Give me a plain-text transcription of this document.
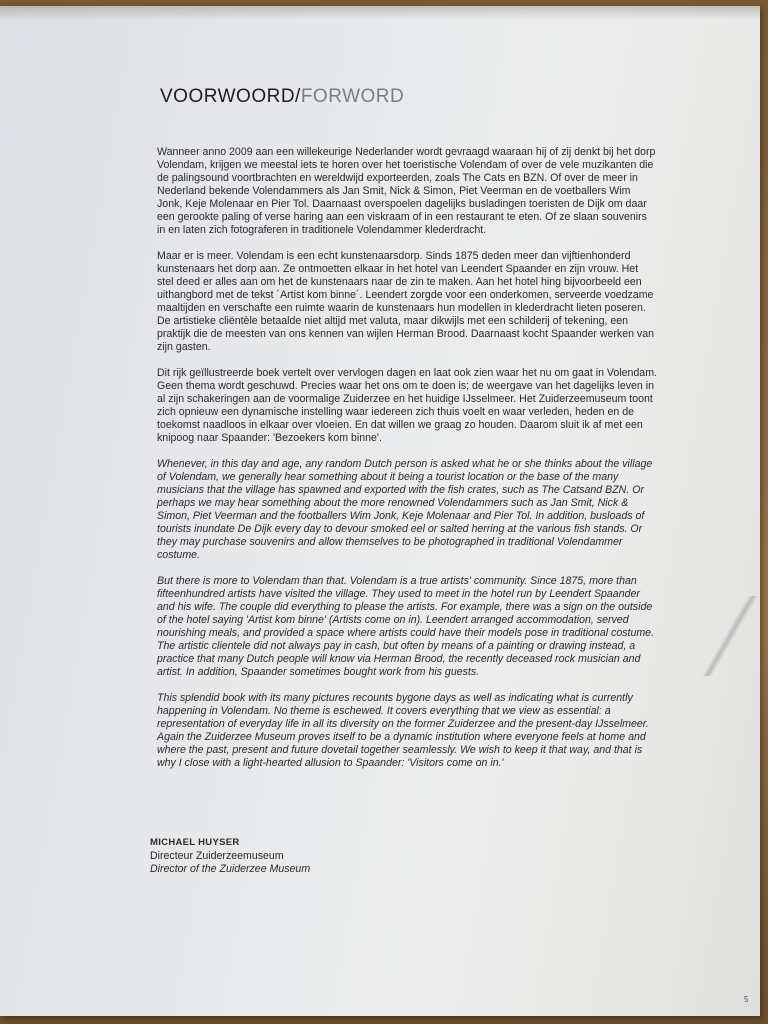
VOORWOORD/FORWORD

Wanneer anno 2009 aan een willekeurige Nederlander wordt gevraagd waaraan hij of zij denkt bij het dorp Volendam, krijgen we meestal iets te horen over het toeristische Volendam of over de vele muzikanten die de palingsound voortbrachten en wereldwijd exporteerden, zoals The Cats en BZN. Of over de meer in Nederland bekende Volendammers als Jan Smit, Nick & Simon, Piet Veerman en de voetballers Wim Jonk, Keje Molenaar en Pier Tol. Daarnaast overspoelen dagelijks busladingen toeristen de Dijk om daar een gerookte paling of verse haring aan een viskraam of in een restaurant te eten. Of ze slaan souvenirs in en laten zich fotograferen in traditionele Volendammer klederdracht.

Maar er is meer. Volendam is een echt kunstenaarsdorp. Sinds 1875 deden meer dan vijftienhonderd kunstenaars het dorp aan. Ze ontmoetten elkaar in het hotel van Leendert Spaander en zijn vrouw. Het stel deed er alles aan om het de kunstenaars naar de zin te maken. Aan het hotel hing bijvoorbeeld een uithangbord met de tekst ´Artist kom binne´. Leendert zorgde voor een onderkomen, serveerde voedzame maaltijden en verschafte een ruimte waarin de kunstenaars hun modellen in klederdracht lieten poseren. De artistieke cliëntèle betaalde niet altijd met valuta, maar dikwijls met een schilderij of tekening, een praktijk die de meesten van ons kennen van wijlen Herman Brood. Daarnaast kocht Spaander werken van zijn gasten.

Dit rijk geïllustreerde boek vertelt over vervlogen dagen en laat ook zien waar het nu om gaat in Volendam. Geen thema wordt geschuwd. Precies waar het ons om te doen is; de weergave van het dagelijks leven in al zijn schakeringen aan de voormalige Zuiderzee en het huidige IJsselmeer. Het Zuiderzeemuseum toont zich opnieuw een dynamische instelling waar iedereen zich thuis voelt en waar verleden, heden en de toekomst naadloos in elkaar over vloeien. En dat willen we graag zo houden. Daarom sluit ik af met een knipoog naar Spaander: 'Bezoekers kom binne'.

Whenever, in this day and age, any random Dutch person is asked what he or she thinks about the village of Volendam, we generally hear something about it being a tourist location or the base of the many musicians that the village has spawned and exported with the fish crates, such as The Catsand BZN. Or perhaps we may hear something about the more renowned Volendammers such as Jan Smit, Nick & Simon, Piet Veerman and the footballers Wim Jonk, Keje Molenaar and Pier Tol. In addition, busloads of tourists inundate De Dijk every day to devour smoked eel or salted herring at the various fish stands. Or they may purchase souvenirs and allow themselves to be photographed in traditional Volendammer costume.

But there is more to Volendam than that. Volendam is a true artists' community. Since 1875, more than fifteenhundred artists have visited the village. They used to meet in the hotel run by Leendert Spaander and his wife. The couple did everything to please the artists. For example, there was a sign on the outside of the hotel saying 'Artist kom binne' (Artists come on in). Leendert arranged accommodation, served nourishing meals, and provided a space where artists could have their models pose in traditional costume. The artistic clientele did not always pay in cash, but often by means of a painting or drawing instead, a practice that many Dutch people will know via Herman Brood, the recently deceased rock musician and artist. In addition, Spaander sometimes bought work from his guests.

This splendid book with its many pictures recounts bygone days as well as indicating what is currently happening in Volendam. No theme is eschewed. It covers everything that we view as essential: a representation of everyday life in all its diversity on the former Zuiderzee and the present-day IJsselmeer. Again the Zuiderzee Museum proves itself to be a dynamic institution where everyone feels at home and where the past, present and future dovetail together seamlessly. We wish to keep it that way, and that is why I close with a light-hearted allusion to Spaander: 'Visitors come on in.'

MICHAEL HUYSER
Directeur Zuiderzeemuseum
Director of the Zuiderzee Museum
5
